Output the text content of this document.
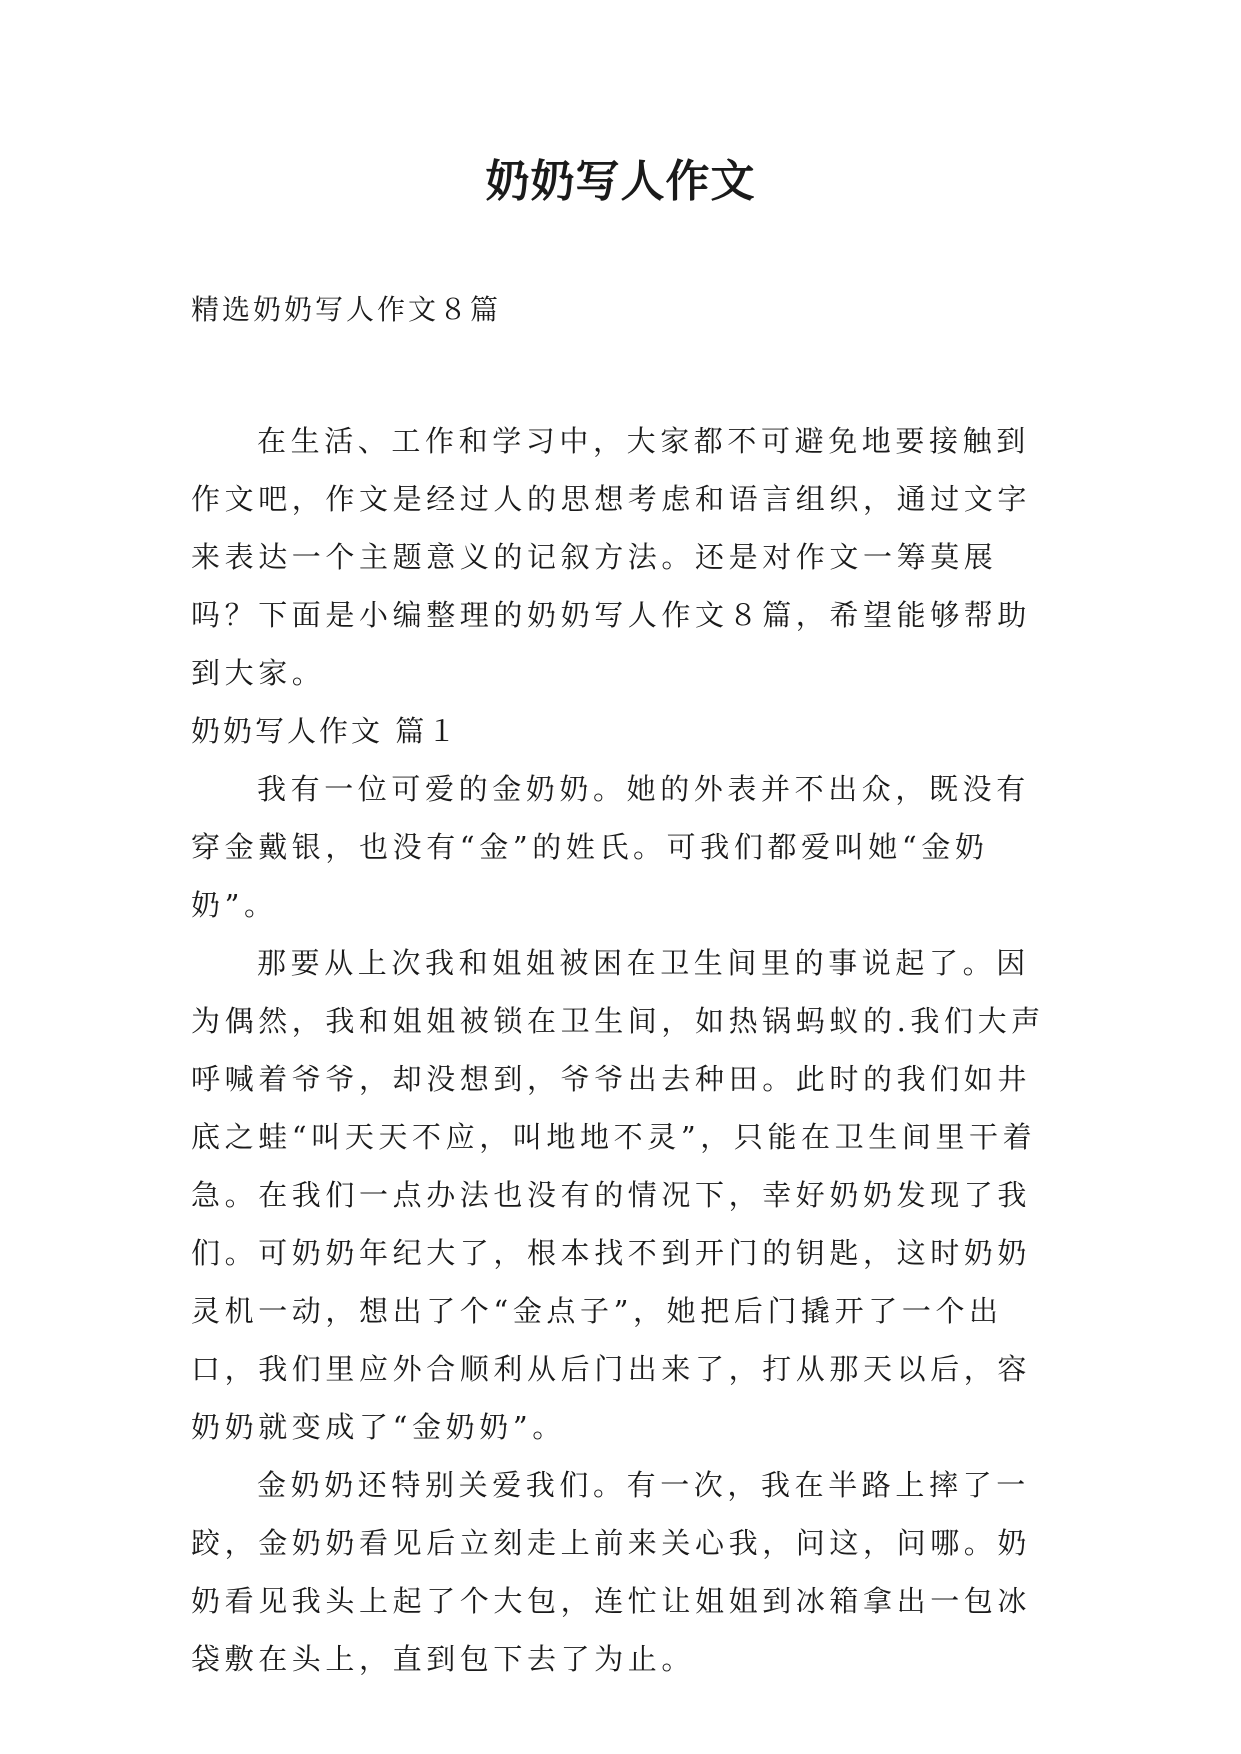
奶奶写人作文

精选奶奶写人作文８篇

在生活、工作和学习中，大家都不可避免地要接触到作文吧，作文是经过人的思想考虑和语言组织，通过文字来表达一个主题意义的记叙方法。还是对作文一筹莫展吗？下面是小编整理的奶奶写人作文８篇，希望能够帮助到大家。

奶奶写人作文 篇１

我有一位可爱的金奶奶。她的外表并不出众，既没有穿金戴银，也没有“金”的姓氏。可我们都爱叫她“金奶奶”。

那要从上次我和姐姐被困在卫生间里的事说起了。因为偶然，我和姐姐被锁在卫生间，如热锅蚂蚁的.我们大声呼喊着爷爷，却没想到，爷爷出去种田。此时的我们如井底之蛙“叫天天不应，叫地地不灵”，只能在卫生间里干着急。在我们一点办法也没有的情况下，幸好奶奶发现了我们。可奶奶年纪大了，根本找不到开门的钥匙，这时奶奶灵机一动，想出了个“金点子”，她把后门撬开了一个出口，我们里应外合顺利从后门出来了，打从那天以后，容奶奶就变成了“金奶奶”。

金奶奶还特别关爱我们。有一次，我在半路上摔了一跤，金奶奶看见后立刻走上前来关心我，问这，问哪。奶奶看见我头上起了个大包，连忙让姐姐到冰箱拿出一包冰袋敷在头上，直到包下去了为止。
